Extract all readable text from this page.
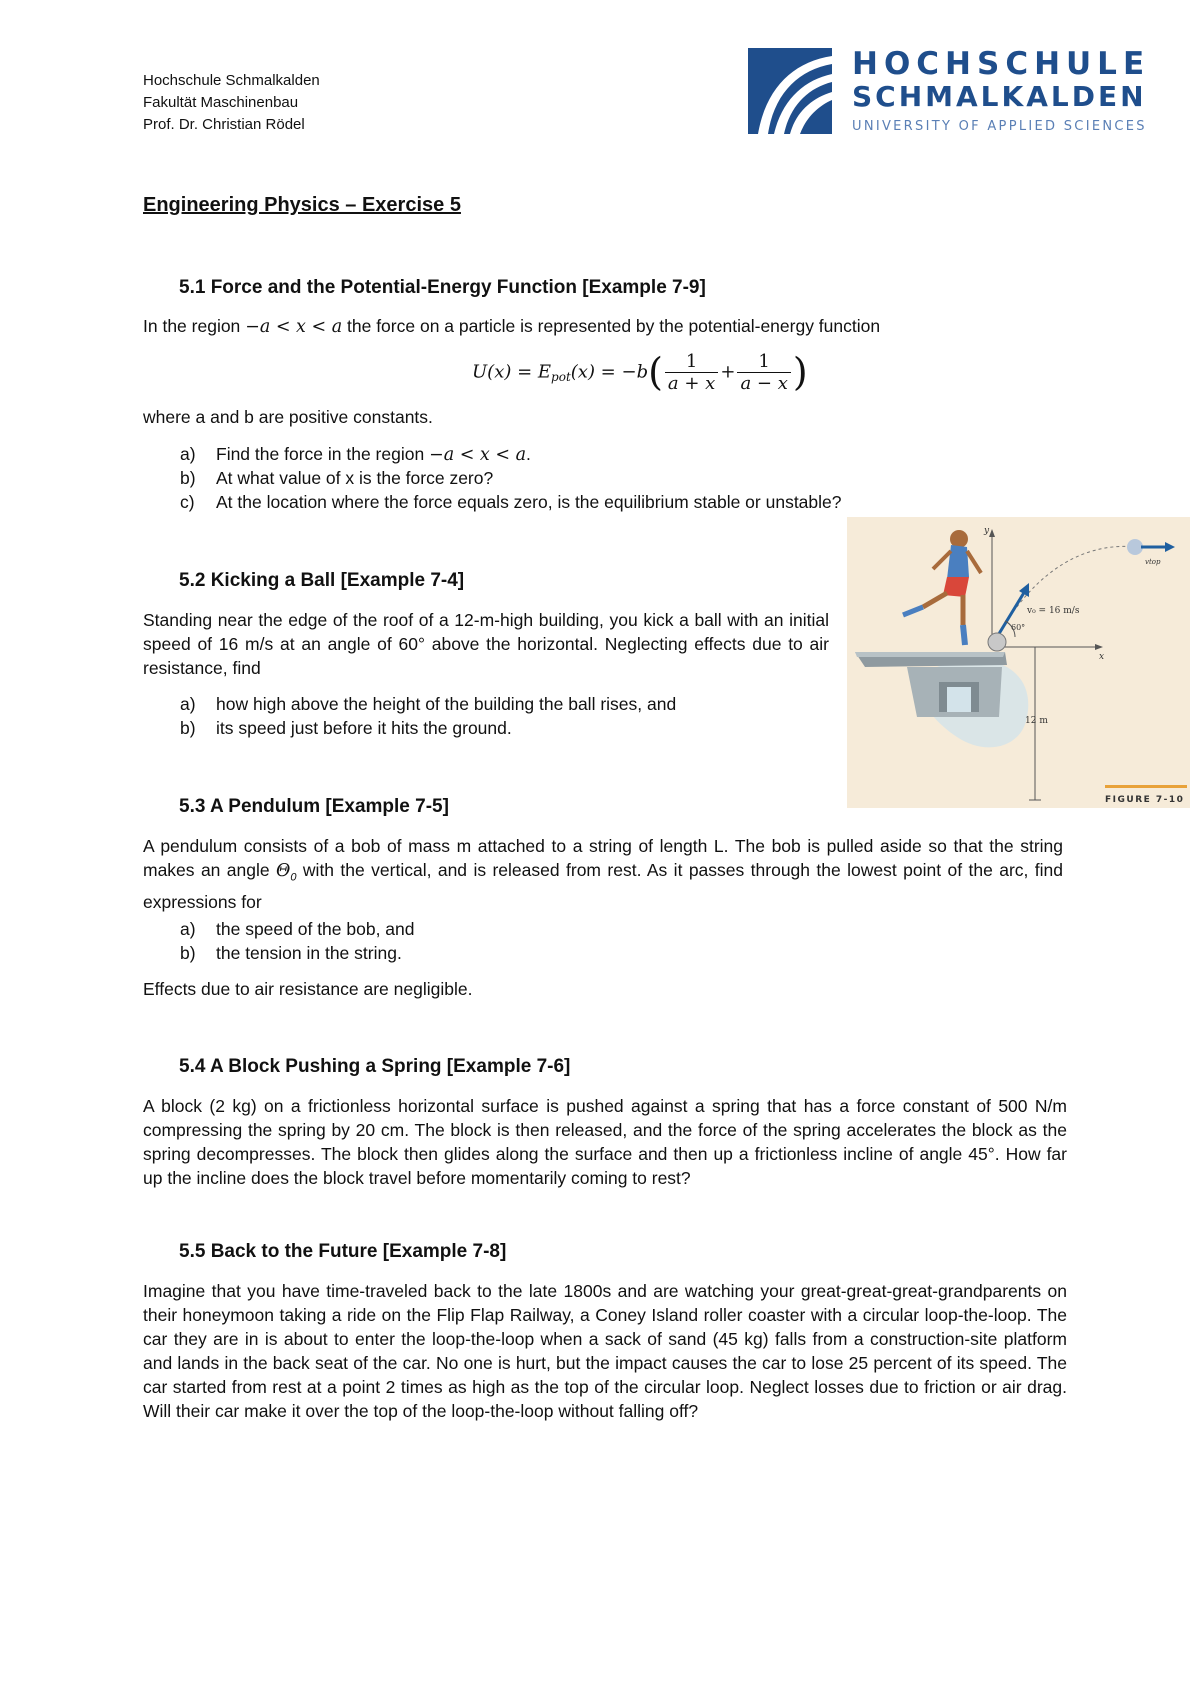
Hochschule Schmalkalden
Fakultät Maschinenbau
Prof. Dr. Christian Rödel
HOCHSCHULE
SCHMALKALDEN
UNIVERSITY OF APPLIED SCIENCES
Engineering Physics – Exercise 5
5.1 Force and the Potential-Energy Function [Example 7-9]
In the region −a < x < a the force on a particle is represented by the potential-energy function
$U(x) = E_{pot}(x) = -b( \frac{1}{a + x} + \frac{1}{a - x}$ )
where a and b are positive constants.
a)	Find the force in the region −a < x < a.
b)	At what value of x is the force zero?
c)	At the location where the force equals zero, is the equilibrium stable or unstable?
v₀ = 16 m/s
60°
12 m
y
x
vtop
FIGURE 7-10
5.2 Kicking a Ball [Example 7-4]
Standing near the edge of the roof of a 12-m-high building, you kick a ball with an initial speed of 16 m/s at an angle of 60° above the horizontal. Neglecting effects due to air resistance, find
a)	how high above the height of the building the ball rises, and
b)	its speed just before it hits the ground.
5.3 A Pendulum [Example 7-5]
A pendulum consists of a bob of mass m attached to a string of length L. The bob is pulled aside so that the string makes an angle $\Theta_0$ with the vertical, and is released from rest. As it passes through the lowest point of the arc, find expressions for
a)	the speed of the bob, and
b)	the tension in the string.
Effects due to air resistance are negligible.
5.4 A Block Pushing a Spring [Example 7-6]
A block (2 kg) on a frictionless horizontal surface is pushed against a spring that has a force constant of 500 N/m compressing the spring by 20 cm. The block is then released, and the force of the spring accelerates the block as the spring decompresses. The block then glides along the surface and then up a frictionless incline of angle 45°. How far up the incline does the block travel before momentarily coming to rest?
5.5 Back to the Future [Example 7-8]
Imagine that you have time-traveled back to the late 1800s and are watching your great-great-great-grandparents on their honeymoon taking a ride on the Flip Flap Railway, a Coney Island roller coaster with a circular loop-the-loop. The car they are in is about to enter the loop-the-loop when a sack of sand (45 kg) falls from a construction-site platform and lands in the back seat of the car. No one is hurt, but the impact causes the car to lose 25 percent of its speed. The car started from rest at a point 2 times as high as the top of the circular loop. Neglect losses due to friction or air drag. Will their car make it over the top of the loop-the-loop without falling off?
